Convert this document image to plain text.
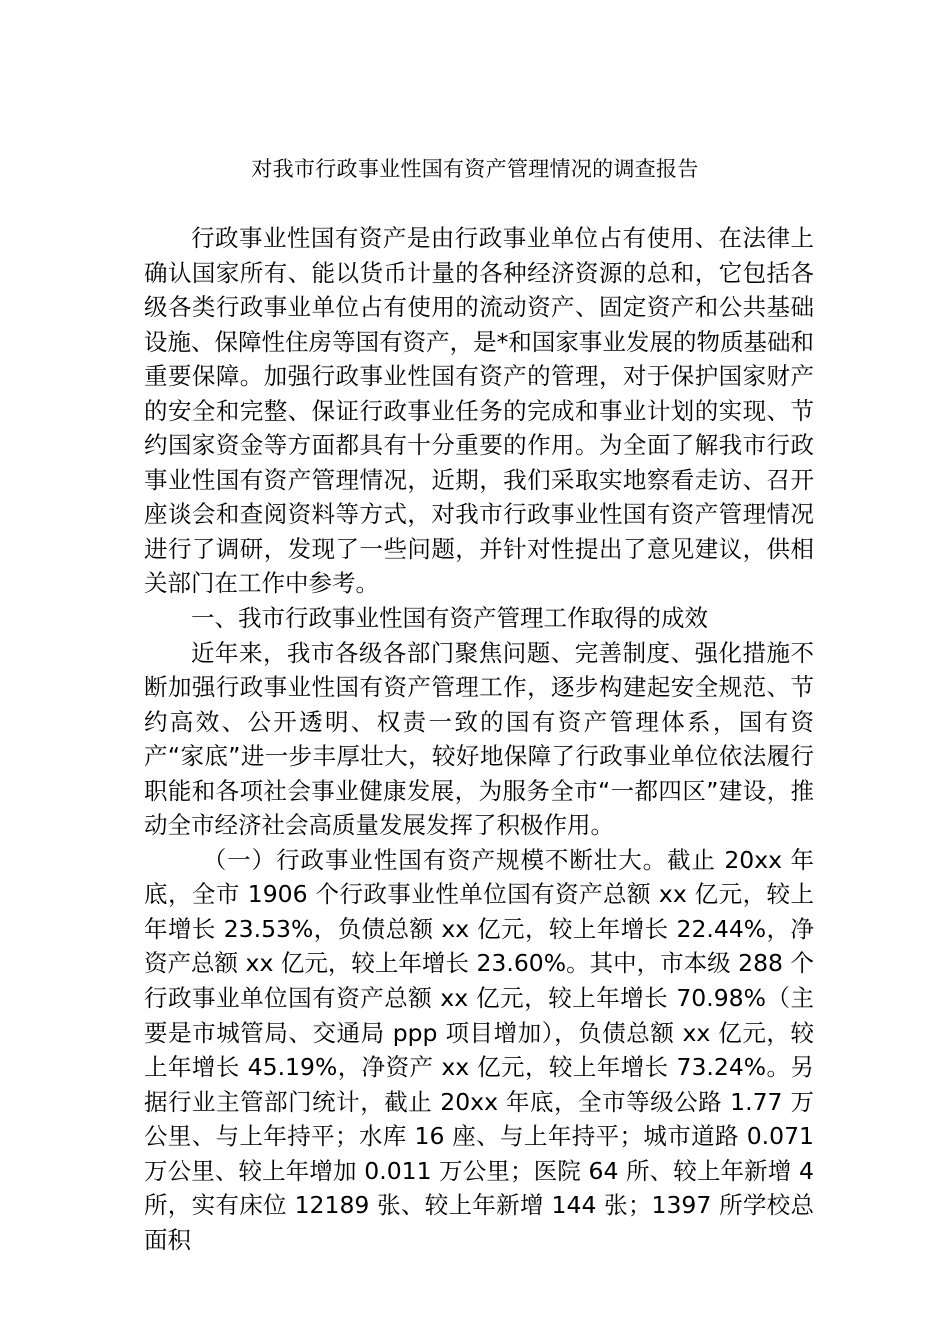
对我市行政事业性国有资产管理情况的调查报告

行政事业性国有资产是由行政事业单位占有使用、在法律上确认国家所有、能以货币计量的各种经济资源的总和，它包括各级各类行政事业单位占有使用的流动资产、固定资产和公共基础设施、保障性住房等国有资产，是*和国家事业发展的物质基础和重要保障。加强行政事业性国有资产的管理，对于保护国家财产的安全和完整、保证行政事业任务的完成和事业计划的实现、节约国家资金等方面都具有十分重要的作用。为全面了解我市行政事业性国有资产管理情况，近期，我们采取实地察看走访、召开座谈会和查阅资料等方式，对我市行政事业性国有资产管理情况进行了调研，发现了一些问题，并针对性提出了意见建议，供相关部门在工作中参考。

一、我市行政事业性国有资产管理工作取得的成效

近年来，我市各级各部门聚焦问题、完善制度、强化措施不断加强行政事业性国有资产管理工作，逐步构建起安全规范、节约高效、公开透明、权责一致的国有资产管理体系，国有资产“家底”进一步丰厚壮大，较好地保障了行政事业单位依法履行职能和各项社会事业健康发展，为服务全市“一都四区”建设，推动全市经济社会高质量发展发挥了积极作用。

（一）行政事业性国有资产规模不断壮大。截止 20xx 年底，全市 1906 个行政事业性单位国有资产总额 xx 亿元，较上年增长 23.53%，负债总额 xx 亿元，较上年增长 22.44%，净资产总额 xx 亿元，较上年增长 23.60%。其中，市本级 288 个行政事业单位国有资产总额 xx 亿元，较上年增长 70.98%（主要是市城管局、交通局 ppp 项目增加），负债总额 xx 亿元，较上年增长 45.19%，净资产 xx 亿元，较上年增长 73.24%。另据行业主管部门统计，截止 20xx 年底，全市等级公路 1.77 万公里、与上年持平；水库 16 座、与上年持平；城市道路 0.071 万公里、较上年增加 0.011 万公里；医院 64 所、较上年新增 4 所，实有床位 12189 张、较上年新增 144 张；1397 所学校总面积
